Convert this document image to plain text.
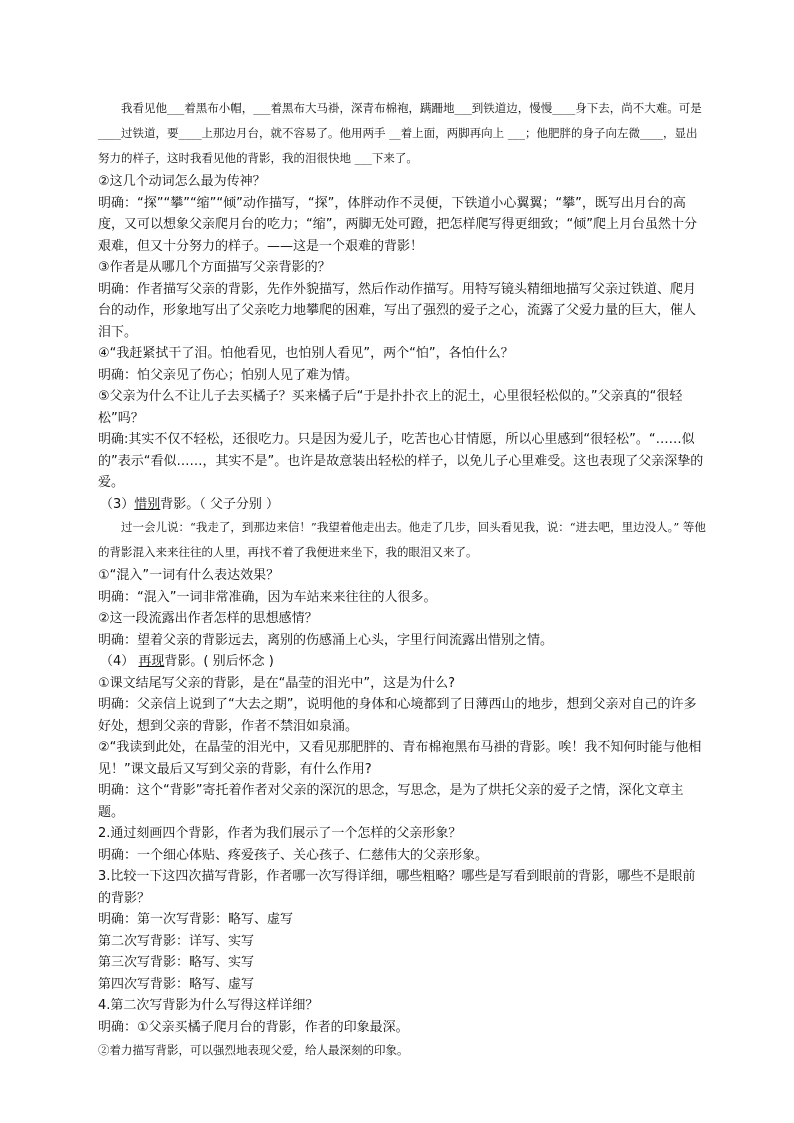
我看见他___着黑布小帽，___着黑布大马褂，深青布棉袍，蹒跚地___到铁道边，慢慢____身下去，尚不大难。可是____过铁道，要____上那边月台，就不容易了。他用两手 __着上面，两脚再向上 ___；他肥胖的身子向左微____，显出努力的样子，这时我看见他的背影，我的泪很快地 ___下来了。

②这几个动词怎么最为传神？

明确：“探”“攀”“缩”“倾”动作描写，“探”，体胖动作不灵便，下铁道小心翼翼；“攀”，既写出月台的高度，又可以想象父亲爬月台的吃力；“缩”，两脚无处可蹬，把怎样爬写得更细致；“倾”爬上月台虽然十分艰难，但又十分努力的样子。——这是一个艰难的背影！

③作者是从哪几个方面描写父亲背影的？

明确：作者描写父亲的背影，先作外貌描写，然后作动作描写。用特写镜头精细地描写父亲过铁道、爬月台的动作，形象地写出了父亲吃力地攀爬的困难，写出了强烈的爱子之心，流露了父爱力量的巨大，催人泪下。

④“我赶紧拭干了泪。怕他看见，也怕别人看见”，两个“怕”，各怕什么？

明确：怕父亲见了伤心；怕别人见了难为情。

⑤父亲为什么不让儿子去买橘子？买来橘子后“于是扑扑衣上的泥土，心里很轻松似的。”父亲真的“很轻松”吗？

明确:其实不仅不轻松，还很吃力。只是因为爱儿子，吃苦也心甘情愿，所以心里感到“很轻松”。“……似的”表示“看似……，其实不是”。也许是故意装出轻松的样子，以免儿子心里难受。这也表现了父亲深挚的爱。

（3）惜别背影。（ 父子分别 ）

过一会儿说：“我走了，到那边来信！”我望着他走出去。他走了几步，回头看见我，说：“进去吧，里边没人。” 等他的背影混入来来往往的人里，再找不着了我便进来坐下，我的眼泪又来了。

①“混入”一词有什么表达效果？

明确：“混入”一词非常准确，因为车站来来往往的人很多。

②这一段流露出作者怎样的思想感情？

明确：望着父亲的背影远去，离别的伤感涌上心头，字里行间流露出惜别之情。

（4） 再现背影。( 别后怀念 )

①课文结尾写父亲的背影，是在“晶莹的泪光中”，这是为什么?

明确：父亲信上说到了“大去之期”，说明他的身体和心境都到了日薄西山的地步，想到父亲对自己的许多好处，想到父亲的背影，作者不禁泪如泉涌。

②“我读到此处，在晶莹的泪光中，又看见那肥胖的、青布棉袍黑布马褂的背影。唉！我不知何时能与他相见！”课文最后又写到父亲的背影，有什么作用?

明确：这个“背影”寄托着作者对父亲的深沉的思念，写思念，是为了烘托父亲的爱子之情，深化文章主题。

2.通过刻画四个背影，作者为我们展示了一个怎样的父亲形象？

明确：一个细心体贴、疼爱孩子、关心孩子、仁慈伟大的父亲形象。

3.比较一下这四次描写背影，作者哪一次写得详细，哪些粗略？哪些是写看到眼前的背影，哪些不是眼前的背影？

明确：第一次写背影：略写、虚写

第二次写背影：详写、实写

第三次写背影：略写、实写

第四次写背影：略写、虚写

4.第二次写背影为什么写得这样详细？

明确：①父亲买橘子爬月台的背影，作者的印象最深。

②着力描写背影，可以强烈地表现父爱，给人最深刻的印象。
